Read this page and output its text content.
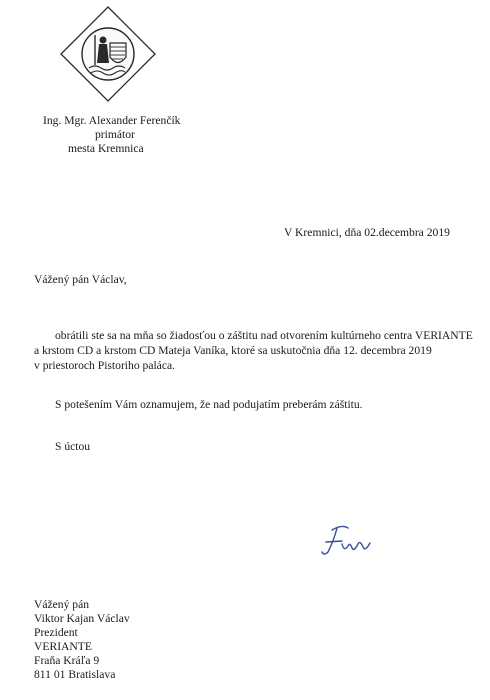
Ing. Mgr. Alexander Ferenčík
primátor
mesta Kremnica
V Kremnici, dňa 02.decembra 2019
Vážený pán Václav,
obrátili ste sa na mňa so žiadosťou o záštitu nad otvorením kultúrneho centra VERIANTE
a krstom CD a krstom CD Mateja Vaníka, ktoré sa uskutočnia dňa 12. decembra 2019
v priestoroch Pistoriho paláca.
S potešením Vám oznamujem, že nad podujatím preberám záštitu.
S úctou
Vážený pán
Viktor Kajan Václav
Prezident
VERIANTE
Fraňa Kráľa 9
811 01 Bratislava
